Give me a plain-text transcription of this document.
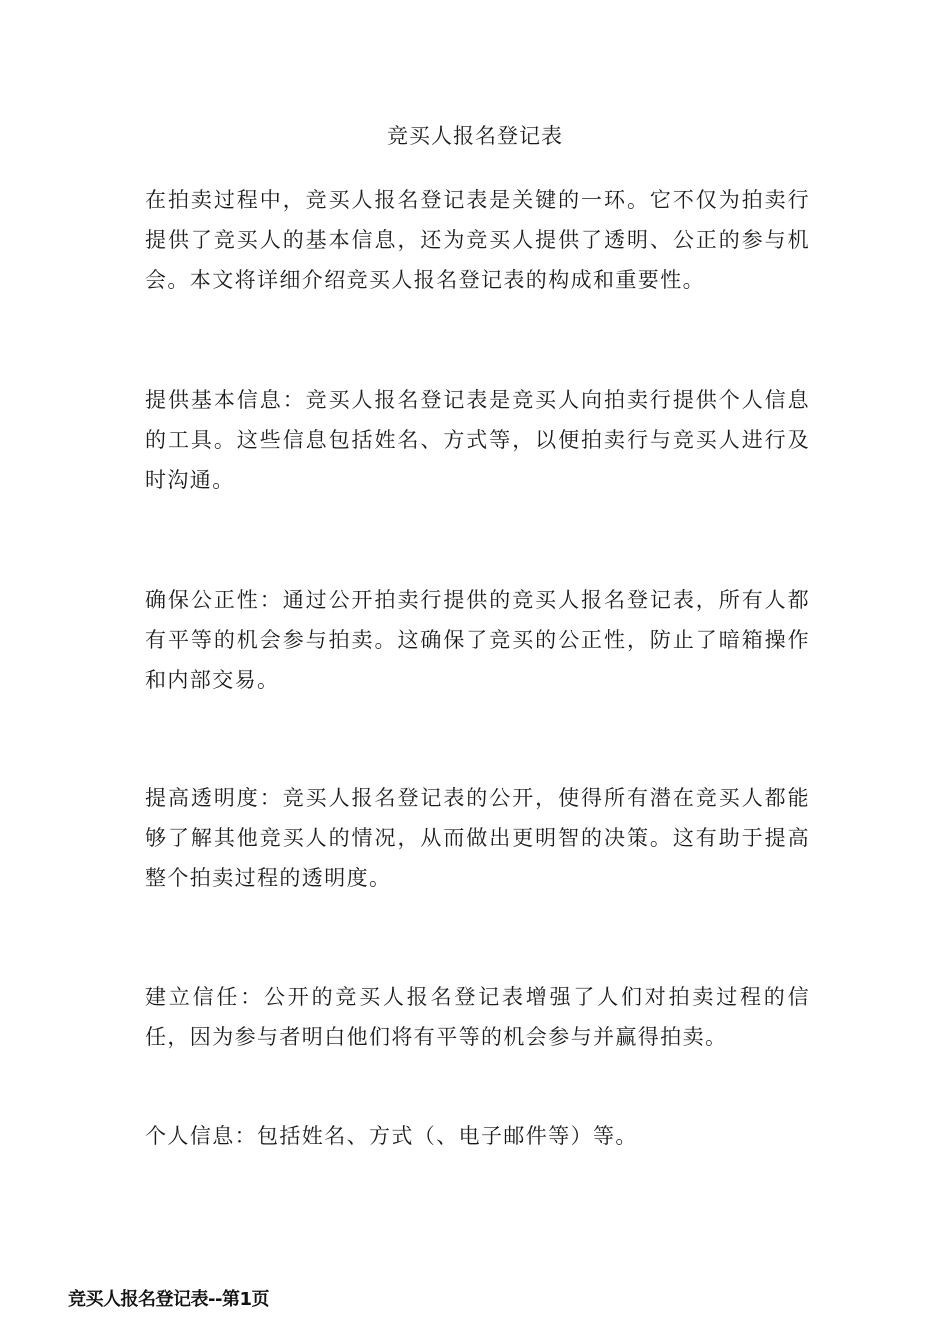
竞买人报名登记表

在拍卖过程中，竞买人报名登记表是关键的一环。它不仅为拍卖行提供了竞买人的基本信息，还为竞买人提供了透明、公正的参与机会。本文将详细介绍竞买人报名登记表的构成和重要性。

提供基本信息：竞买人报名登记表是竞买人向拍卖行提供个人信息的工具。这些信息包括姓名、方式等，以便拍卖行与竞买人进行及时沟通。

确保公正性：通过公开拍卖行提供的竞买人报名登记表，所有人都有平等的机会参与拍卖。这确保了竞买的公正性，防止了暗箱操作和内部交易。

提高透明度：竞买人报名登记表的公开，使得所有潜在竞买人都能够了解其他竞买人的情况，从而做出更明智的决策。这有助于提高整个拍卖过程的透明度。

建立信任：公开的竞买人报名登记表增强了人们对拍卖过程的信任，因为参与者明白他们将有平等的机会参与并赢得拍卖。

个人信息：包括姓名、方式（、电子邮件等）等。

竞买人报名登记表--第1页
